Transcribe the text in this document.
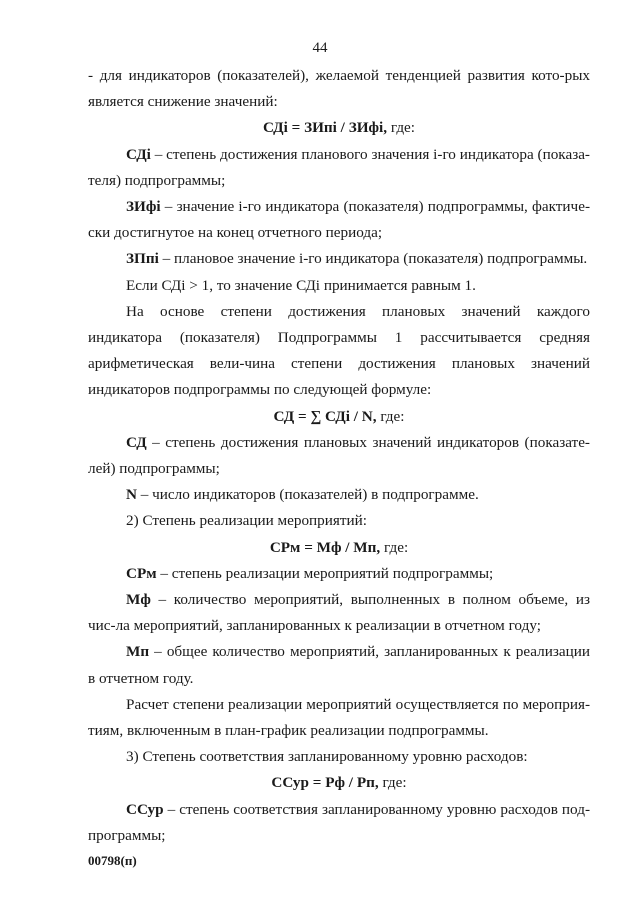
44

- для индикаторов (показателей), желаемой тенденцией развития кото-рых является снижение значений:

СДi = ЗИпi / ЗИфi, где:

СДi – степень достижения планового значения i-го индикатора (показа-теля) подпрограммы;

ЗИфi – значение i-го индикатора (показателя) подпрограммы, фактиче-ски достигнутое на конец отчетного периода;

ЗПпi – плановое значение i-го индикатора (показателя) подпрограммы.

Если СДi > 1, то значение СДi принимается равным 1.

На основе степени достижения плановых значений каждого индикатора (показателя) Подпрограммы 1 рассчитывается средняя арифметическая вели-чина степени достижения плановых значений индикаторов подпрограммы по следующей формуле:

СД = ∑ СДi / N, где:

СД – степень достижения плановых значений индикаторов (показате-лей) подпрограммы;

N – число индикаторов (показателей) в подпрограмме.

2) Степень реализации мероприятий:

СРм = Мф / Мп, где:

СРм – степень реализации мероприятий подпрограммы;

Мф – количество мероприятий, выполненных в полном объеме, из чис-ла мероприятий, запланированных к реализации в отчетном году;

Мп – общее количество мероприятий, запланированных к реализации в отчетном году.

Расчет степени реализации мероприятий осуществляется по мероприя-тиям, включенным в план-график реализации подпрограммы.

3) Степень соответствия запланированному уровню расходов:

ССур = Рф / Рп, где:

ССур – степень соответствия запланированному уровню расходов под-программы;

00798(п)
